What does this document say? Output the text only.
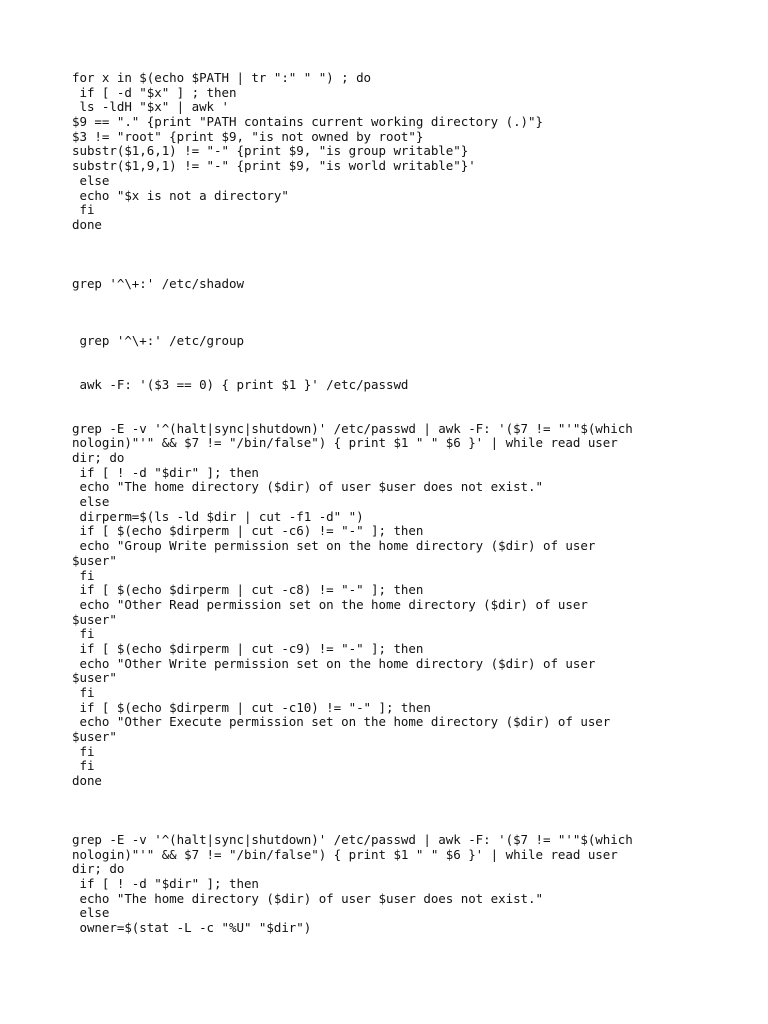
for x in $(echo $PATH | tr ":" " ") ; do
if [ -d "$x" ] ; then
ls -ldH "$x" | awk '
$9 == "." {print "PATH contains current working directory (.)"}
$3 != "root" {print $9, "is not owned by root"}
substr($1,6,1) != "-" {print $9, "is group writable"}
substr($1,9,1) != "-" {print $9, "is world writable"}'
else
echo "$x is not a directory"
fi
done
grep '^\+:' /etc/shadow
grep '^\+:' /etc/group
awk -F: '($3 == 0) { print $1 }' /etc/passwd
grep -E -v '^(halt|sync|shutdown)' /etc/passwd | awk -F: '($7 != "'"$(which
nologin)"'" && $7 != "/bin/false") { print $1 " " $6 }' | while read user
dir; do
if [ ! -d "$dir" ]; then
echo "The home directory ($dir) of user $user does not exist."
else
dirperm=$(ls -ld $dir | cut -f1 -d" ")
if [ $(echo $dirperm | cut -c6) != "-" ]; then
echo "Group Write permission set on the home directory ($dir) of user
$user"
fi
if [ $(echo $dirperm | cut -c8) != "-" ]; then
echo "Other Read permission set on the home directory ($dir) of user
$user"
fi
if [ $(echo $dirperm | cut -c9) != "-" ]; then
echo "Other Write permission set on the home directory ($dir) of user
$user"
fi
if [ $(echo $dirperm | cut -c10) != "-" ]; then
echo "Other Execute permission set on the home directory ($dir) of user
$user"
fi
fi
done
grep -E -v '^(halt|sync|shutdown)' /etc/passwd | awk -F: '($7 != "'"$(which
nologin)"'" && $7 != "/bin/false") { print $1 " " $6 }' | while read user
dir; do
if [ ! -d "$dir" ]; then
echo "The home directory ($dir) of user $user does not exist."
else
owner=$(stat -L -c "%U" "$dir")
